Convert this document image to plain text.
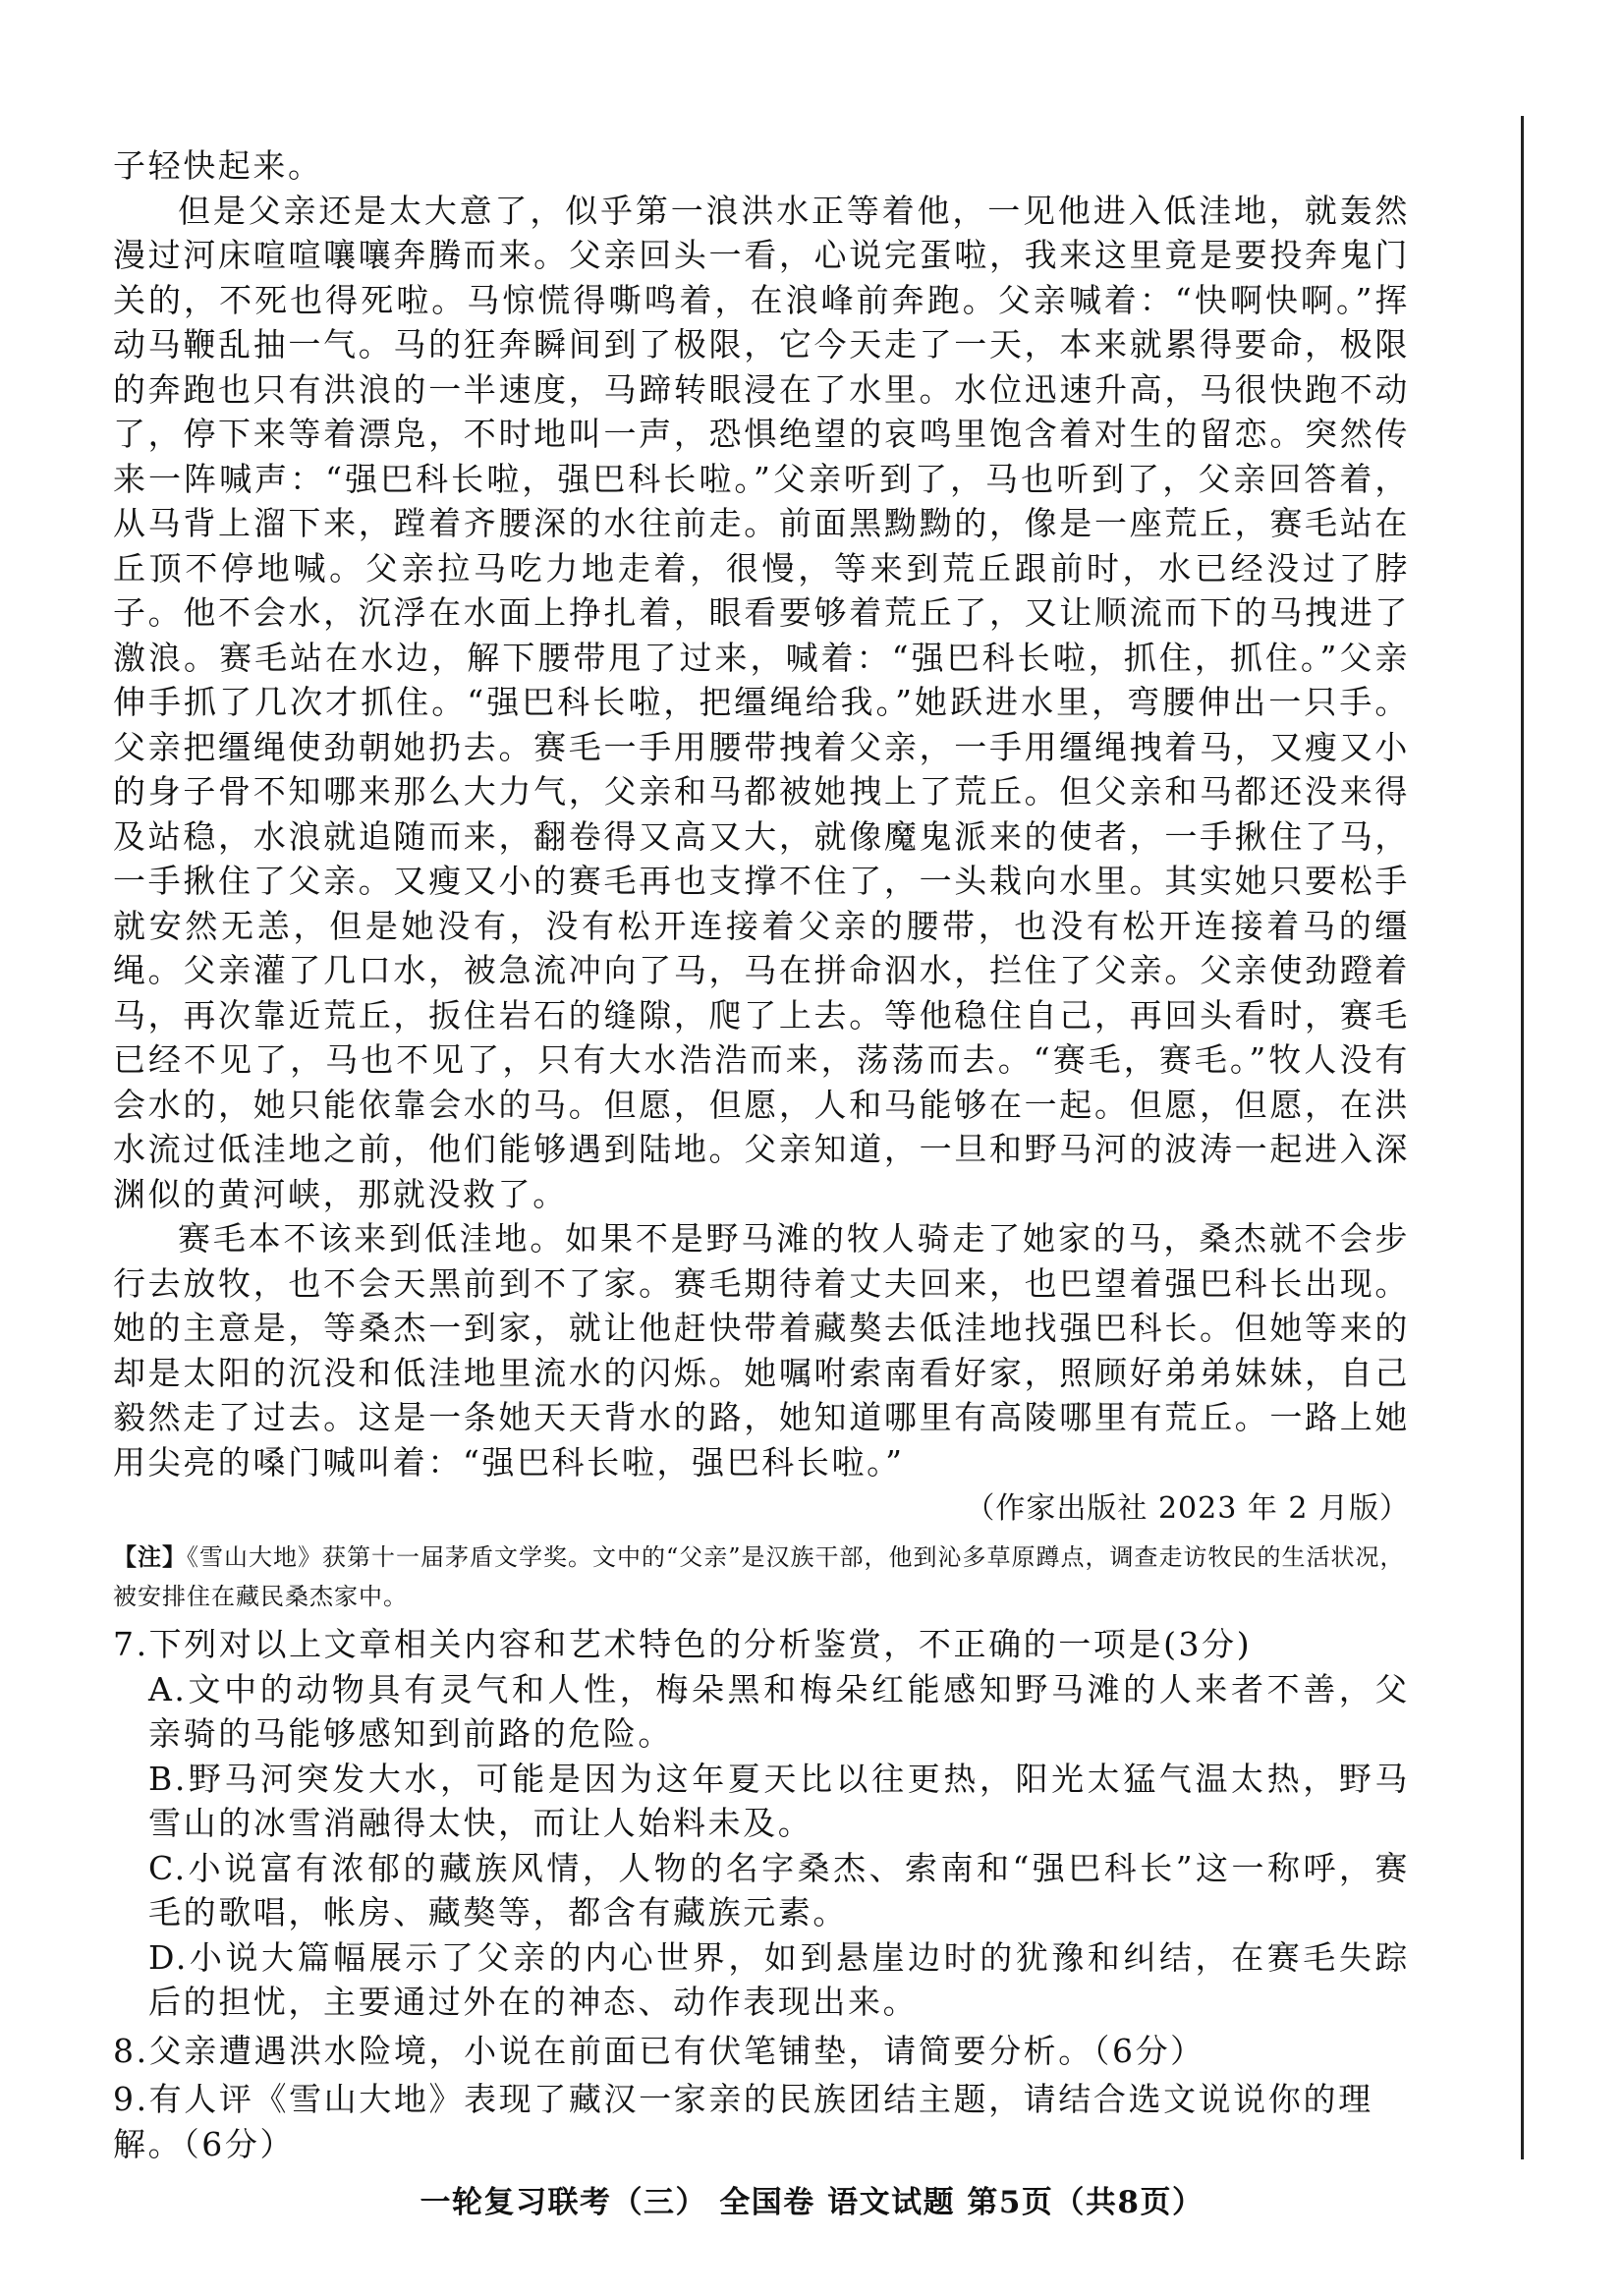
子轻快起来。

但是父亲还是太大意了，似乎第一浪洪水正等着他，一见他进入低洼地，就轰然漫过河床喧喧嚷嚷奔腾而来。父亲回头一看，心说完蛋啦，我来这里竟是要投奔鬼门关的，不死也得死啦。马惊慌得嘶鸣着，在浪峰前奔跑。父亲喊着：“快啊快啊。”挥动马鞭乱抽一气。马的狂奔瞬间到了极限，它今天走了一天，本来就累得要命，极限的奔跑也只有洪浪的一半速度，马蹄转眼浸在了水里。水位迅速升高，马很快跑不动了，停下来等着漂凫，不时地叫一声，恐惧绝望的哀鸣里饱含着对生的留恋。突然传来一阵喊声：“强巴科长啦，强巴科长啦。”父亲听到了，马也听到了，父亲回答着，从马背上溜下来，蹚着齐腰深的水往前走。前面黑黝黝的，像是一座荒丘，赛毛站在丘顶不停地喊。父亲拉马吃力地走着，很慢，等来到荒丘跟前时，水已经没过了脖子。他不会水，沉浮在水面上挣扎着，眼看要够着荒丘了，又让顺流而下的马拽进了激浪。赛毛站在水边，解下腰带甩了过来，喊着：“强巴科长啦，抓住，抓住。”父亲伸手抓了几次才抓住。“强巴科长啦，把缰绳给我。”她跃进水里，弯腰伸出一只手。父亲把缰绳使劲朝她扔去。赛毛一手用腰带拽着父亲，一手用缰绳拽着马，又瘦又小的身子骨不知哪来那么大力气，父亲和马都被她拽上了荒丘。但父亲和马都还没来得及站稳，水浪就追随而来，翻卷得又高又大，就像魔鬼派来的使者，一手揪住了马，一手揪住了父亲。又瘦又小的赛毛再也支撑不住了，一头栽向水里。其实她只要松手就安然无恙，但是她没有，没有松开连接着父亲的腰带，也没有松开连接着马的缰绳。父亲灌了几口水，被急流冲向了马，马在拼命泅水，拦住了父亲。父亲使劲蹬着马，再次靠近荒丘，扳住岩石的缝隙，爬了上去。等他稳住自己，再回头看时，赛毛已经不见了，马也不见了，只有大水浩浩而来，荡荡而去。“赛毛，赛毛。”牧人没有会水的，她只能依靠会水的马。但愿，但愿，人和马能够在一起。但愿，但愿，在洪水流过低洼地之前，他们能够遇到陆地。父亲知道，一旦和野马河的波涛一起进入深渊似的黄河峡，那就没救了。

赛毛本不该来到低洼地。如果不是野马滩的牧人骑走了她家的马，桑杰就不会步行去放牧，也不会天黑前到不了家。赛毛期待着丈夫回来，也巴望着强巴科长出现。她的主意是，等桑杰一到家，就让他赶快带着藏獒去低洼地找强巴科长。但她等来的却是太阳的沉没和低洼地里流水的闪烁。她嘱咐索南看好家，照顾好弟弟妹妹，自己毅然走了过去。这是一条她天天背水的路，她知道哪里有高陵哪里有荒丘。一路上她用尖亮的嗓门喊叫着：“强巴科长啦，强巴科长啦。”

（作家出版社 2023 年 2 月版）
【注】《雪山大地》获第十一届茅盾文学奖。文中的“父亲”是汉族干部，他到沁多草原蹲点，调查走访牧民的生活状况，被安排住在藏民桑杰家中。
7.下列对以上文章相关内容和艺术特色的分析鉴赏，不正确的一项是(3分)
A.文中的动物具有灵气和人性，梅朵黑和梅朵红能感知野马滩的人来者不善，父亲骑的马能够感知到前路的危险。
B.野马河突发大水，可能是因为这年夏天比以往更热，阳光太猛气温太热，野马雪山的冰雪消融得太快，而让人始料未及。
C.小说富有浓郁的藏族风情，人物的名字桑杰、索南和“强巴科长”这一称呼，赛毛的歌唱，帐房、藏獒等，都含有藏族元素。
D.小说大篇幅展示了父亲的内心世界，如到悬崖边时的犹豫和纠结，在赛毛失踪后的担忧，主要通过外在的神态、动作表现出来。
8.父亲遭遇洪水险境，小说在前面已有伏笔铺垫，请简要分析。（6分）
9.有人评《雪山大地》表现了藏汉一家亲的民族团结主题，请结合选文说说你的理解。（6分）
一轮复习联考（三） 全国卷 语文试题 第5页（共8页）
